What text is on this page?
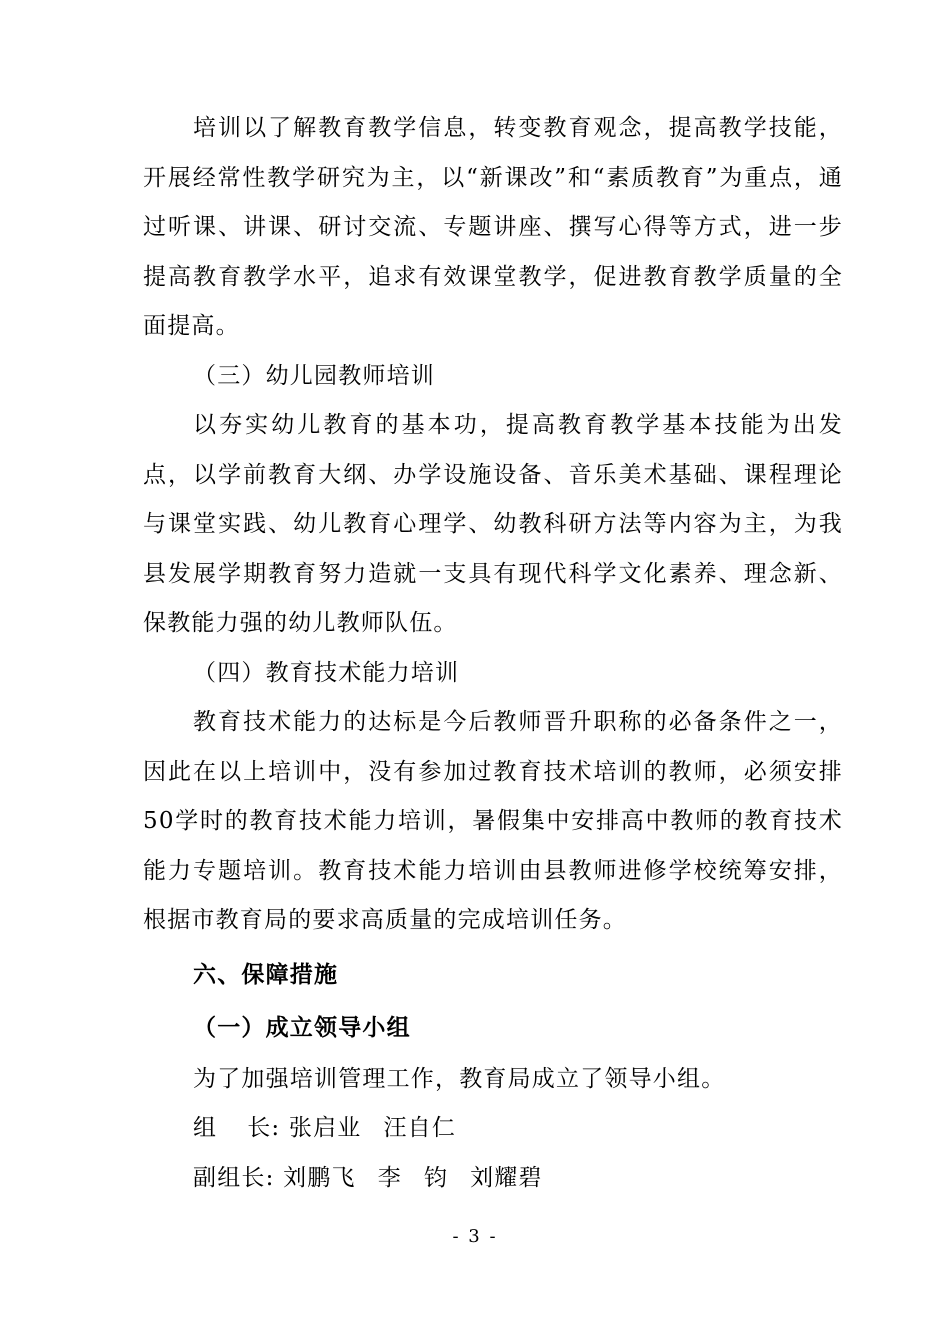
培训以了解教育教学信息，转变教育观念，提高教学技能，开展经常性教学研究为主，以“新课改”和“素质教育”为重点，通过听课、讲课、研讨交流、专题讲座、撰写心得等方式，进一步提高教育教学水平，追求有效课堂教学，促进教育教学质量的全面提高。

（三）幼儿园教师培训

以夯实幼儿教育的基本功，提高教育教学基本技能为出发点，以学前教育大纲、办学设施设备、音乐美术基础、课程理论与课堂实践、幼儿教育心理学、幼教科研方法等内容为主，为我县发展学期教育努力造就一支具有现代科学文化素养、理念新、保教能力强的幼儿教师队伍。

（四）教育技术能力培训

教育技术能力的达标是今后教师晋升职称的必备条件之一，因此在以上培训中，没有参加过教育技术培训的教师，必须安排50学时的教育技术能力培训，暑假集中安排高中教师的教育技术能力专题培训。教育技术能力培训由县教师进修学校统筹安排，根据市教育局的要求高质量的完成培训任务。

六、保障措施

（一）成立领导小组

为了加强培训管理工作，教育局成立了领导小组。

组 长: 张启业 汪自仁

副组长: 刘鹏飞 李 钧 刘耀碧

- 3 -
